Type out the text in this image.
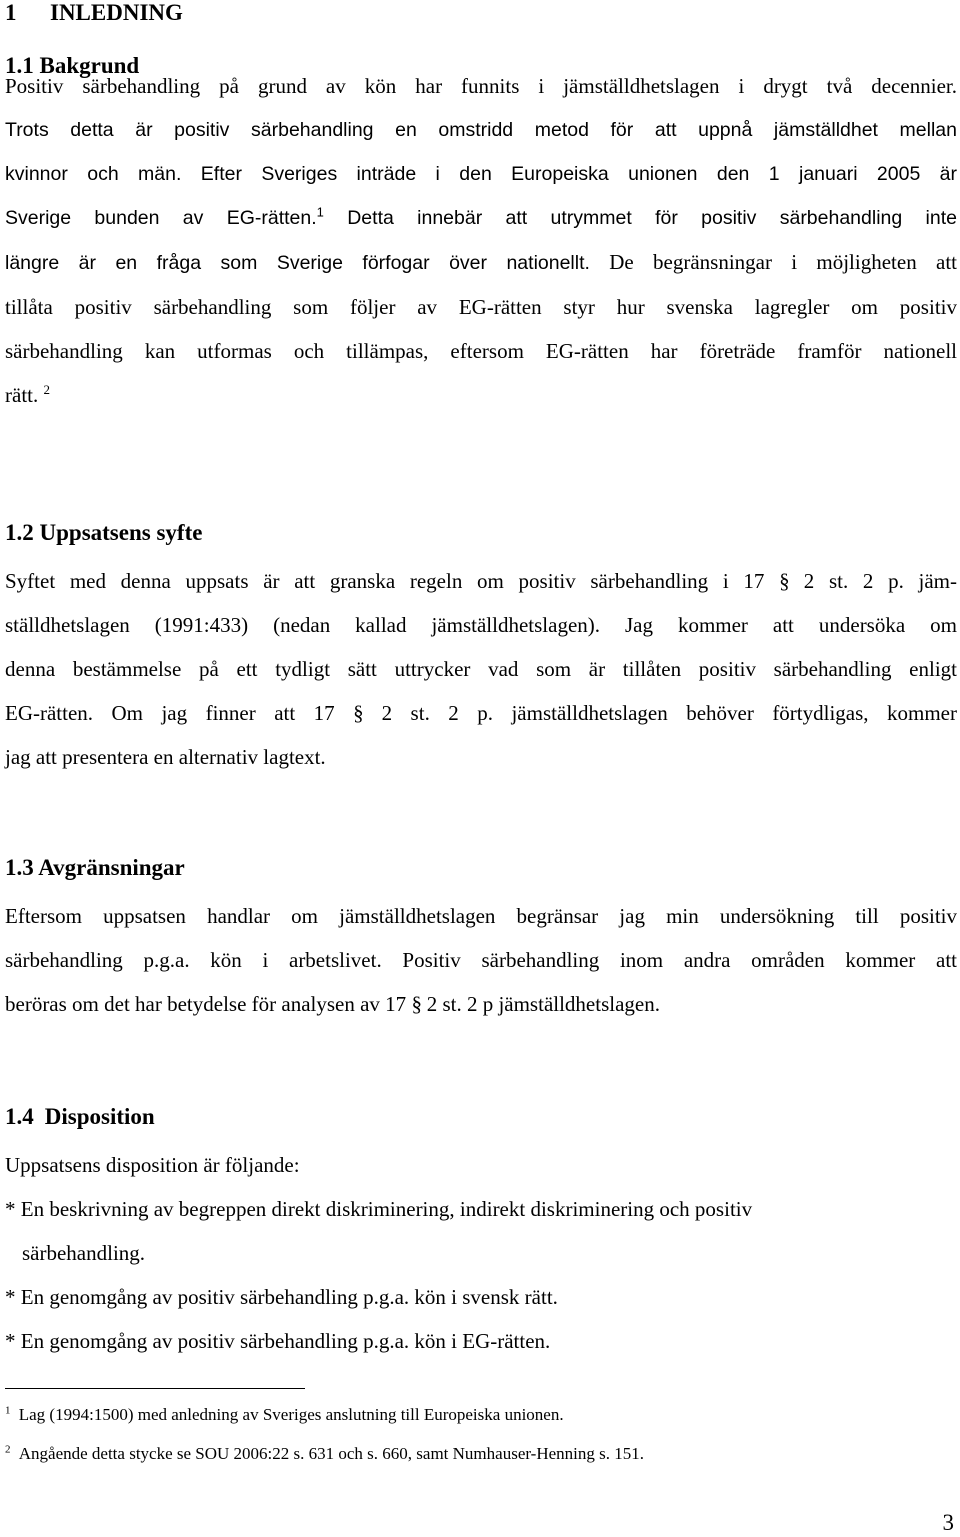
1 INLEDNING
1.1 Bakgrund
Positiv särbehandling på grund av kön har funnits i jämställdhetslagen i drygt två decennier.
Trots detta är positiv särbehandling en omstridd metod för att uppnå jämställdhet mellan
kvinnor och män. Efter Sveriges inträde i den Europeiska unionen den 1 januari 2005 är
Sverige bunden av EG-rätten.$^1$ Detta innebär att utrymmet för positiv särbehandling inte
längre är en fråga som Sverige förfogar över nationellt. De begränsningar i möjligheten att
tillåta positiv särbehandling som följer av EG-rätten styr hur svenska lagregler om positiv
särbehandling kan utformas och tillämpas, eftersom EG-rätten har företräde framför nationell
rätt. $^2$
1.2 Uppsatsens syfte
Syftet med denna uppsats är att granska regeln om positiv särbehandling i 17 § 2 st. 2 p. jäm-
ställdhetslagen (1991:433) (nedan kallad jämställdhetslagen). Jag kommer att undersöka om
denna bestämmelse på ett tydligt sätt uttrycker vad som är tillåten positiv särbehandling enligt
EG-rätten. Om jag finner att 17 § 2 st. 2 p. jämställdhetslagen behöver förtydligas, kommer
jag att presentera en alternativ lagtext.
1.3 Avgränsningar
Eftersom uppsatsen handlar om jämställdhetslagen begränsar jag min undersökning till positiv
särbehandling p.g.a. kön i arbetslivet. Positiv särbehandling inom andra områden kommer att
beröras om det har betydelse för analysen av 17 § 2 st. 2 p jämställdhetslagen.
1.4 Disposition
Uppsatsens disposition är följande:
* En beskrivning av begreppen direkt diskriminering, indirekt diskriminering och positiv
särbehandling.
* En genomgång av positiv särbehandling p.g.a. kön i svensk rätt.
* En genomgång av positiv särbehandling p.g.a. kön i EG-rätten.
$^1$ Lag (1994:1500) med anledning av Sveriges anslutning till Europeiska unionen.
$^2$ Angående detta stycke se SOU 2006:22 s. 631 och s. 660, samt Numhauser-Henning s. 151.
3
